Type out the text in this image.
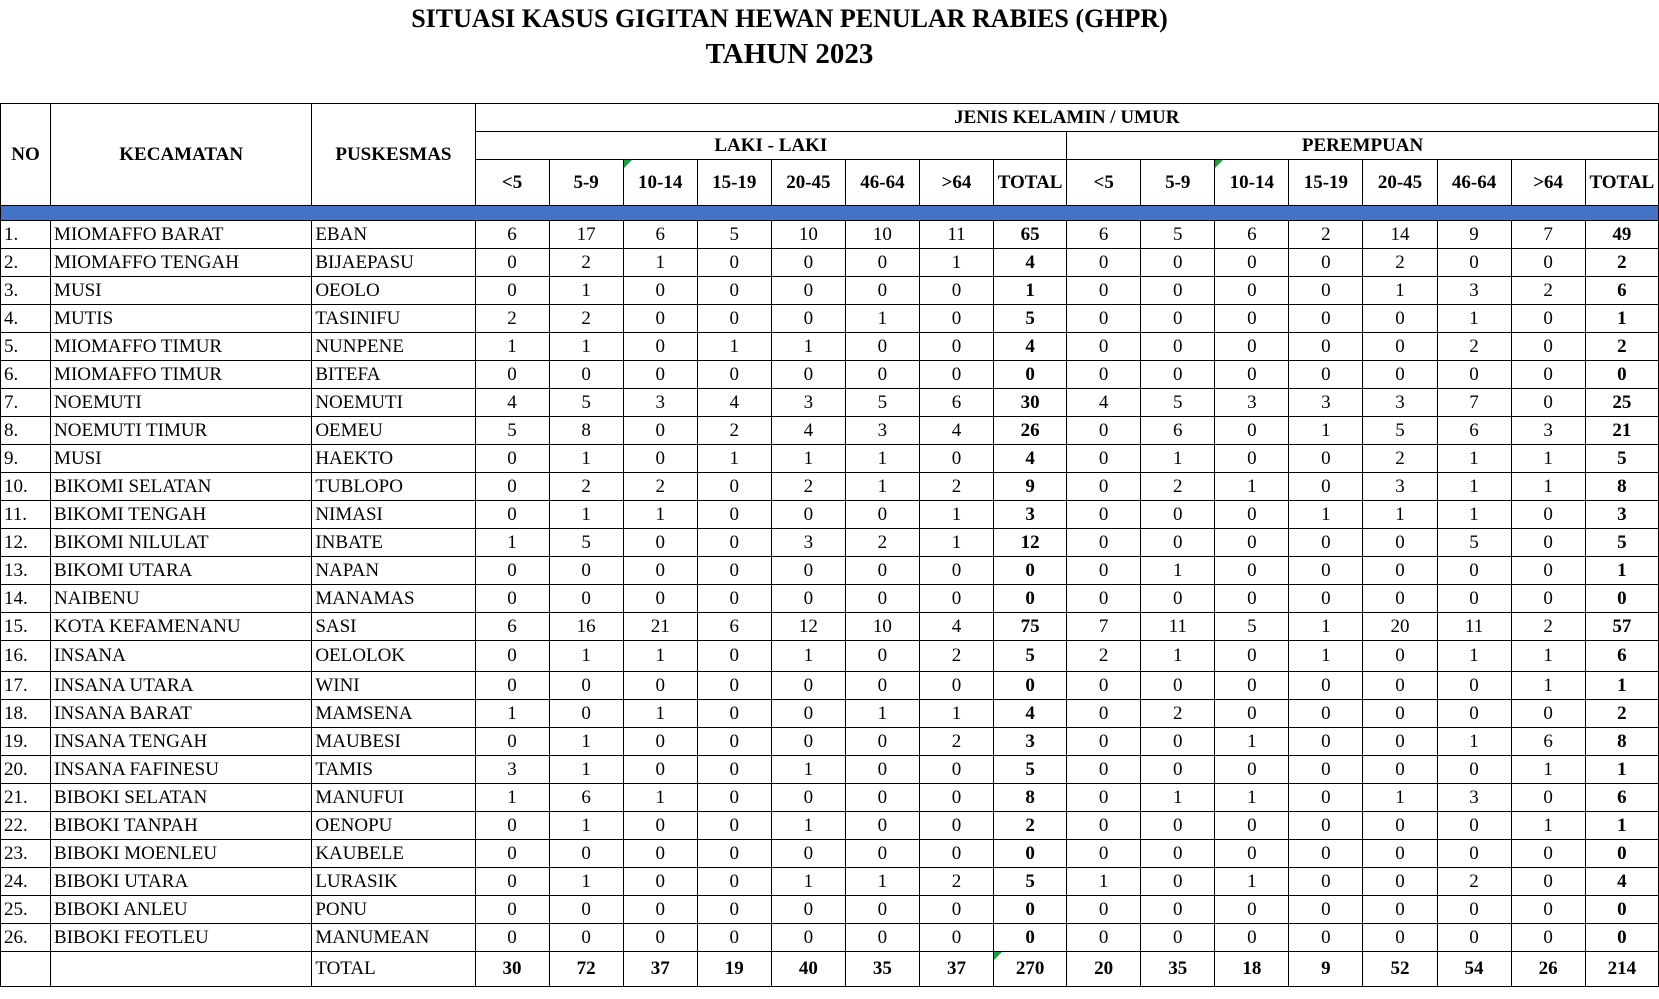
SITUASI KASUS GIGITAN HEWAN PENULAR RABIES (GHPR)
TAHUN 2023
NO	KECAMATAN	PUSKESMAS	JENIS KELAMIN / UMUR															
			LAKI - LAKI								PEREMPUAN							
			<5	5-9	10-14	15-19	20-45	46-64	>64	TOTAL	<5	5-9	10-14	15-19	20-45	46-64	>64	TOTAL

1.	MIOMAFFO BARAT	EBAN	6	17	6	5	10	10	11	65	6	5	6	2	14	9	7	49
2.	MIOMAFFO TENGAH	BIJAEPASU	0	2	1	0	0	0	1	4	0	0	0	0	2	0	0	2
3.	MUSI	OEOLO	0	1	0	0	0	0	0	1	0	0	0	0	1	3	2	6
4.	MUTIS	TASINIFU	2	2	0	0	0	1	0	5	0	0	0	0	0	1	0	1
5.	MIOMAFFO TIMUR	NUNPENE	1	1	0	1	1	0	0	4	0	0	0	0	0	2	0	2
6.	MIOMAFFO TIMUR	BITEFA	0	0	0	0	0	0	0	0	0	0	0	0	0	0	0	0
7.	NOEMUTI	NOEMUTI	4	5	3	4	3	5	6	30	4	5	3	3	3	7	0	25
8.	NOEMUTI TIMUR	OEMEU	5	8	0	2	4	3	4	26	0	6	0	1	5	6	3	21
9.	MUSI	HAEKTO	0	1	0	1	1	1	0	4	0	1	0	0	2	1	1	5
10.	BIKOMI SELATAN	TUBLOPO	0	2	2	0	2	1	2	9	0	2	1	0	3	1	1	8
11.	BIKOMI TENGAH	NIMASI	0	1	1	0	0	0	1	3	0	0	0	1	1	1	0	3
12.	BIKOMI NILULAT	INBATE	1	5	0	0	3	2	1	12	0	0	0	0	0	5	0	5
13.	BIKOMI UTARA	NAPAN	0	0	0	0	0	0	0	0	0	1	0	0	0	0	0	1
14.	NAIBENU	MANAMAS	0	0	0	0	0	0	0	0	0	0	0	0	0	0	0	0
15.	KOTA KEFAMENANU	SASI	6	16	21	6	12	10	4	75	7	11	5	1	20	11	2	57
16.	INSANA	OELOLOK	0	1	1	0	1	0	2	5	2	1	0	1	0	1	1	6
17.	INSANA UTARA	WINI	0	0	0	0	0	0	0	0	0	0	0	0	0	0	1	1
18.	INSANA BARAT	MAMSENA	1	0	1	0	0	1	1	4	0	2	0	0	0	0	0	2
19.	INSANA TENGAH	MAUBESI	0	1	0	0	0	0	2	3	0	0	1	0	0	1	6	8
20.	INSANA FAFINESU	TAMIS	3	1	0	0	1	0	0	5	0	0	0	0	0	0	1	1
21.	BIBOKI SELATAN	MANUFUI	1	6	1	0	0	0	0	8	0	1	1	0	1	3	0	6
22.	BIBOKI TANPAH	OENOPU	0	1	0	0	1	0	0	2	0	0	0	0	0	0	1	1
23.	BIBOKI MOENLEU	KAUBELE	0	0	0	0	0	0	0	0	0	0	0	0	0	0	0	0
24.	BIBOKI UTARA	LURASIK	0	1	0	0	1	1	2	5	1	0	1	0	0	2	0	4
25.	BIBOKI ANLEU	PONU	0	0	0	0	0	0	0	0	0	0	0	0	0	0	0	0
26.	BIBOKI FEOTLEU	MANUMEAN	0	0	0	0	0	0	0	0	0	0	0	0	0	0	0	0
		TOTAL	30	72	37	19	40	35	37	270	20	35	18	9	52	54	26	214
